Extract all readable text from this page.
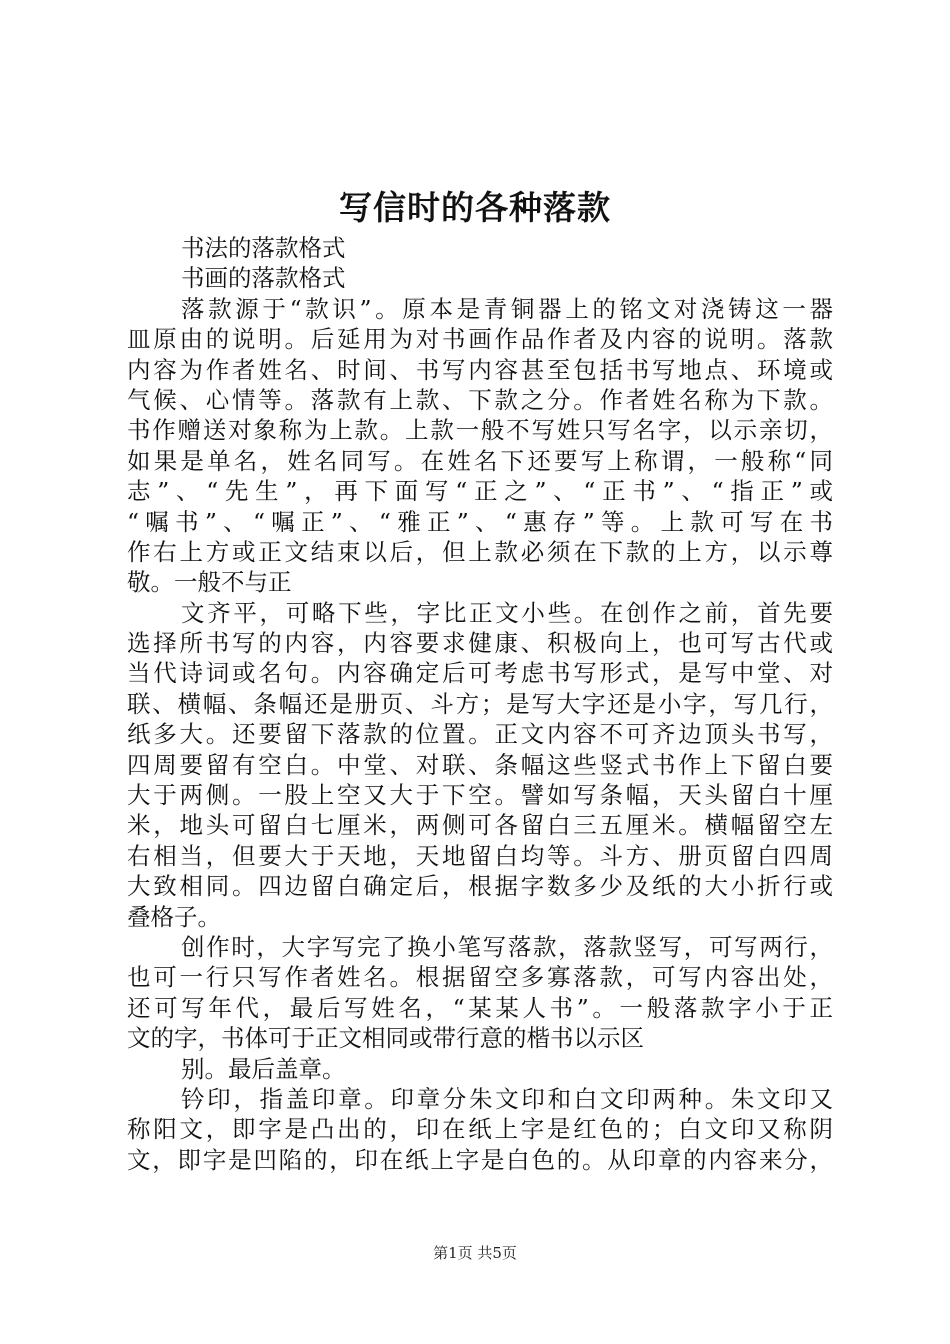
写信时的各种落款
书法的落款格式
书画的落款格式
落款源于“款识”。原本是青铜器上的铭文对浇铸这一器
皿原由的说明。后延用为对书画作品作者及内容的说明。落款
内容为作者姓名、时间、书写内容甚至包括书写地点、环境或
气候、心情等。落款有上款、下款之分。作者姓名称为下款。
书作赠送对象称为上款。上款一般不写姓只写名字，以示亲切，
如果是单名，姓名同写。在姓名下还要写上称谓，一般称“同
志”、“先生”，再下面写“正之”、“正书”、“指正”或
“嘱书”、“嘱正”、“雅正”、“惠存”等。上款可写在书
作右上方或正文结束以后，但上款必须在下款的上方，以示尊
敬。一般不与正
文齐平，可略下些，字比正文小些。在创作之前，首先要
选择所书写的内容，内容要求健康、积极向上，也可写古代或
当代诗词或名句。内容确定后可考虑书写形式，是写中堂、对
联、横幅、条幅还是册页、斗方；是写大字还是小字，写几行，
纸多大。还要留下落款的位置。正文内容不可齐边顶头书写，
四周要留有空白。中堂、对联、条幅这些竖式书作上下留白要
大于两侧。一股上空又大于下空。譬如写条幅，天头留白十厘
米，地头可留白七厘米，两侧可各留白三五厘米。横幅留空左
右相当，但要大于天地，天地留白均等。斗方、册页留白四周
大致相同。四边留白确定后，根据字数多少及纸的大小折行或
叠格子。
创作时，大字写完了换小笔写落款，落款竖写，可写两行，
也可一行只写作者姓名。根据留空多寡落款，可写内容出处，
还可写年代，最后写姓名，“某某人书”。一般落款字小于正
文的字，书体可于正文相同或带行意的楷书以示区
别。最后盖章。
钤印，指盖印章。印章分朱文印和白文印两种。朱文印又
称阳文，即字是凸出的，印在纸上字是红色的；白文印又称阴
文，即字是凹陷的，印在纸上字是白色的。从印章的内容来分，
第1页 共5页
